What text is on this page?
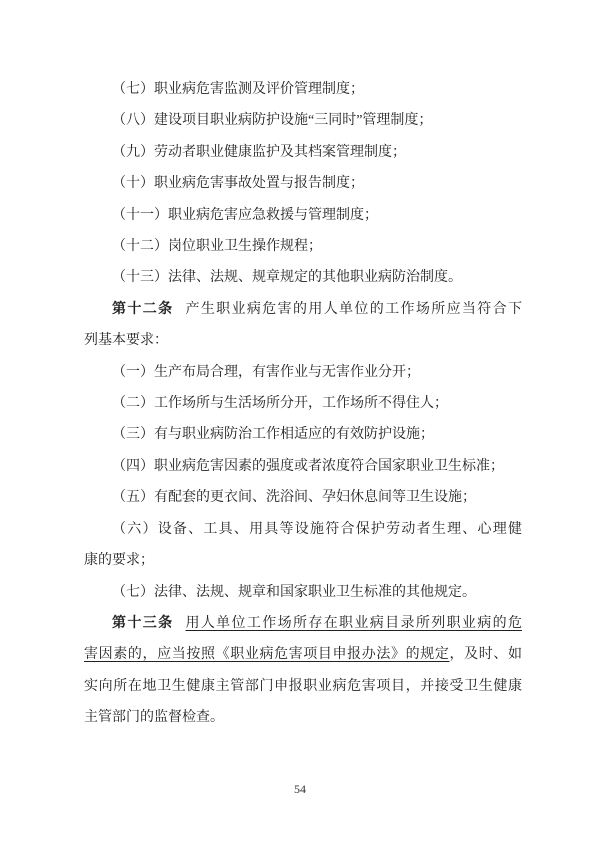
（七）职业病危害监测及评价管理制度；
（八）建设项目职业病防护设施“三同时”管理制度；
（九）劳动者职业健康监护及其档案管理制度；
（十）职业病危害事故处置与报告制度；
（十一）职业病危害应急救援与管理制度；
（十二）岗位职业卫生操作规程；
（十三）法律、法规、规章规定的其他职业病防治制度。
第十二条 产生职业病危害的用人单位的工作场所应当符合下
列基本要求：
（一）生产布局合理，有害作业与无害作业分开；
（二）工作场所与生活场所分开，工作场所不得住人；
（三）有与职业病防治工作相适应的有效防护设施；
（四）职业病危害因素的强度或者浓度符合国家职业卫生标准；
（五）有配套的更衣间、洗浴间、孕妇休息间等卫生设施；
（六）设备、工具、用具等设施符合保护劳动者生理、心理健
康的要求；
（七）法律、法规、规章和国家职业卫生标准的其他规定。
第十三条 用人单位工作场所存在职业病目录所列职业病的危
害因素的，应当按照《职业病危害项目申报办法》的规定，及时、如
实向所在地卫生健康主管部门申报职业病危害项目，并接受卫生健康
主管部门的监督检查。
54
